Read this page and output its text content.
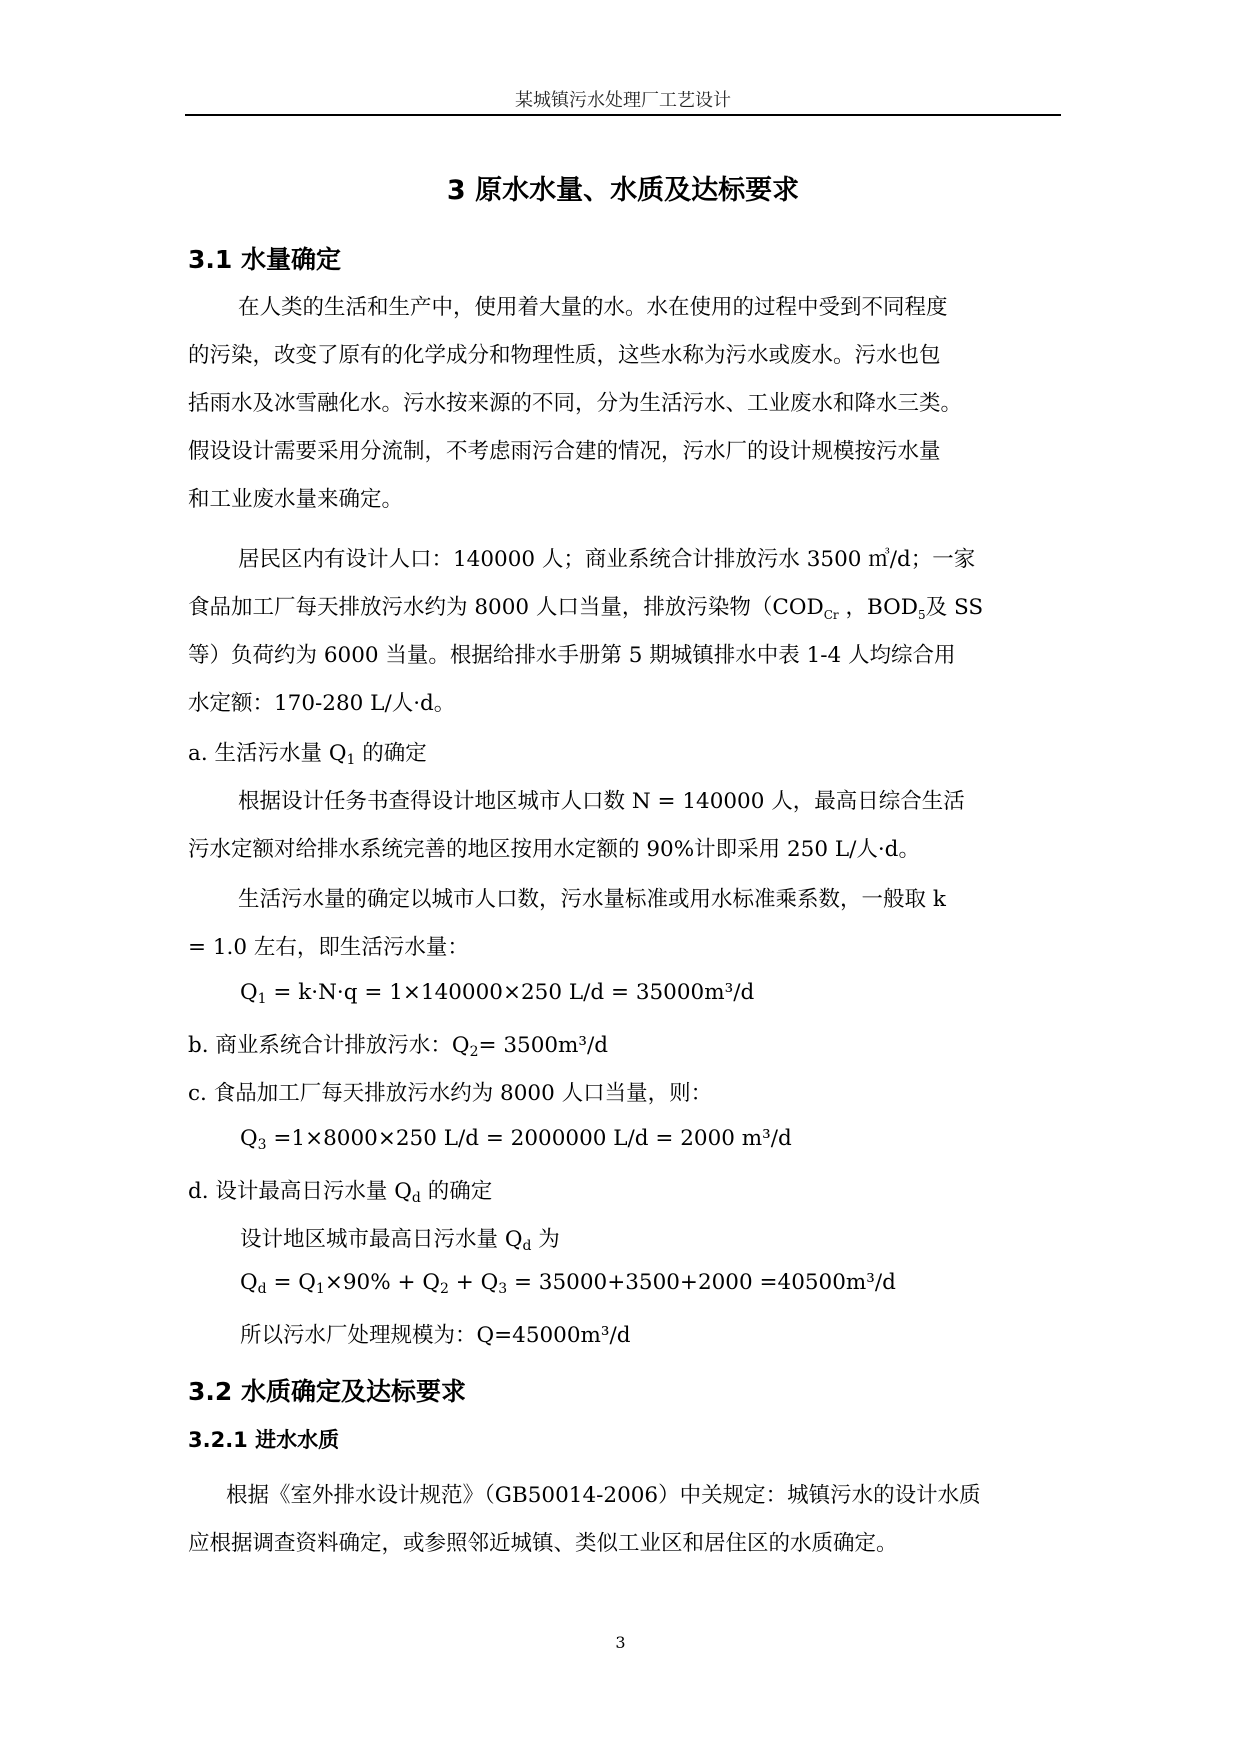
某城镇污水处理厂工艺设计
3 原水水量、水质及达标要求
3.1 水量确定
在人类的生活和生产中，使用着大量的水。水在使用的过程中受到不同程度
的污染，改变了原有的化学成分和物理性质，这些水称为污水或废水。污水也包
括雨水及冰雪融化水。污水按来源的不同，分为生活污水、工业废水和降水三类。
假设设计需要采用分流制，不考虑雨污合建的情况，污水厂的设计规模按污水量
和工业废水量来确定。
居民区内有设计人口：140000 人；商业系统合计排放污水 3500 ㎥/d；一家
食品加工厂每天排放污水约为 8000 人口当量，排放污染物（$COD_{Cr}$ ，$BOD_5$及 SS
等）负荷约为 6000 当量。根据给排水手册第 5 期城镇排水中表 1-4 人均综合用
水定额：170-280 L/人·d。
a. 生活污水量 $Q_1$ 的确定
根据设计任务书查得设计地区城市人口数 N = 140000 人，最高日综合生活
污水定额对给排水系统完善的地区按用水定额的 90%计即采用 250 L/人·d。
生活污水量的确定以城市人口数，污水量标准或用水标准乘系数，一般取 k
= 1.0 左右，即生活污水量：
$Q_1 = k\cdot N\cdot q = 1\times 140000\times 250$ L/d = 35000m³/d
b. 商业系统合计排放污水：$Q_2= 3500m^3/d$
c. 食品加工厂每天排放污水约为 8000 人口当量，则：
$Q_3 =1\times 8000\times 250$ L/d = 2000000 L/d = 2000 m³/d
d. 设计最高日污水量 $Q_d$ 的确定
设计地区城市最高日污水量 $Q_d$ 为
$Q_d = Q_1\times 90\% + Q_2 + Q_3 = 35000+3500+2000 =40500m^3/d$
所以污水厂处理规模为：Q=45000m³/d
3.2 水质确定及达标要求
3.2.1 进水水质
根据《室外排水设计规范》（GB50014-2006）中关规定：城镇污水的设计水质
应根据调查资料确定，或参照邻近城镇、类似工业区和居住区的水质确定。
3
